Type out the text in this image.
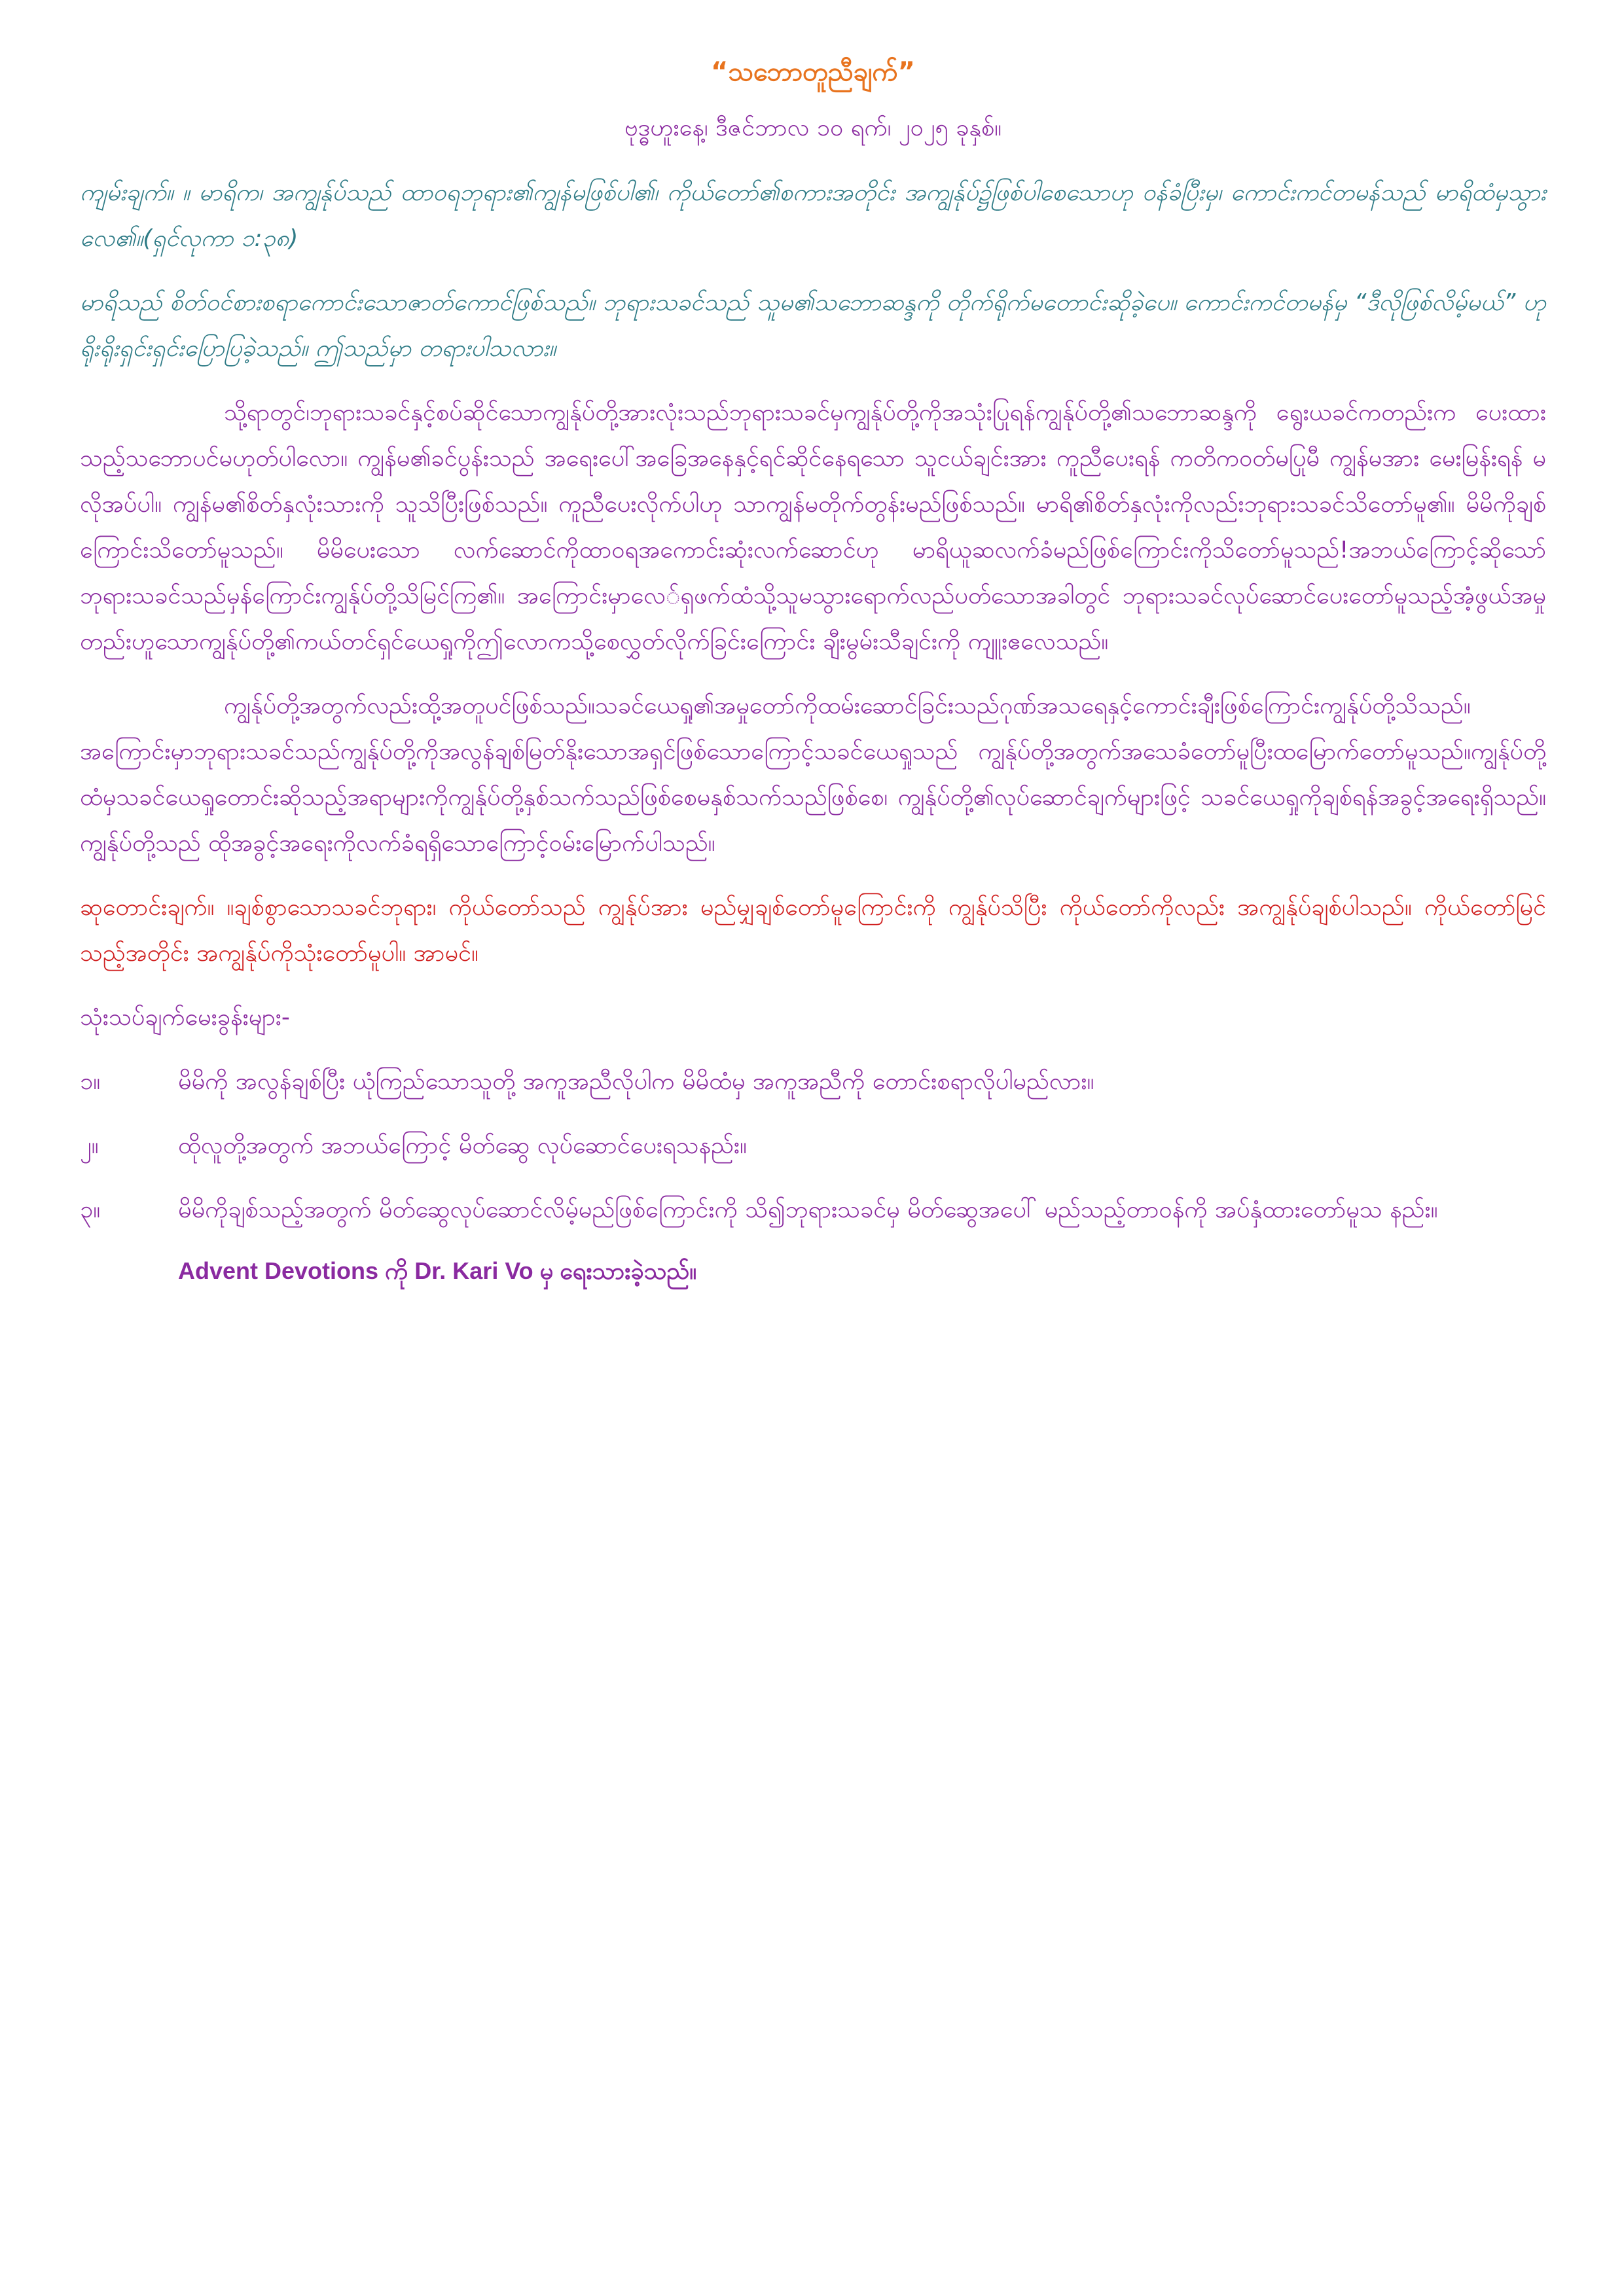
“သဘောတူညီချက်”
ဗုဒ္ဓဟူးနေ့၊ ဒီဇင်ဘာလ ၁၀ ရက်၊ ၂၀၂၅ ခုနှစ်။
ကျမ်းချက်။ ။ မာရိက၊ အကျွန်ုပ်သည် ထာဝရဘုရား၏ကျွန်မဖြစ်ပါ၏၊ ကိုယ်တော်၏စကားအတိုင်း အကျွန်ုပ်၌ဖြစ်ပါစေသောဟု ဝန်ခံပြီးမှ၊ ကောင်းကင်တမန်သည် မာရိထံမှသွားလေ၏။(ရှင်လုကာ ၁:၃၈)
မာရိသည် စိတ်ဝင်စားစရာကောင်းသောဇာတ်ကောင်ဖြစ်သည်။ ဘုရားသခင်သည် သူမ၏သဘောဆန္ဒကို တိုက်ရိုက်မတောင်းဆိုခဲ့ပေ။ ကောင်းကင်တမန်မှ “ဒီလိုဖြစ်လိမ့်မယ်” ဟု ရိုးရိုးရှင်းရှင်းပြောပြခဲ့သည်။ ဤသည်မှာ တရားပါသလား။
သို့ရာတွင်၊ဘုရားသခင်နှင့်စပ်ဆိုင်သောကျွန်ုပ်တို့အားလုံးသည်ဘုရားသခင်မှကျွန်ုပ်တို့ကိုအသုံးပြုရန်ကျွန်ုပ်တို့၏သဘောဆန္ဒကို ရွေးယခင်ကတည်းက ပေးထားသည့်သဘောပင်မဟုတ်ပါလော။ ကျွန်မ၏ခင်ပွန်းသည် အရေးပေါ်အခြေအနေနှင့်ရင်ဆိုင်နေရသော သူငယ်ချင်းအား ကူညီပေးရန် ကတိကဝတ်မပြုမီ ကျွန်မအား မေးမြန်းရန် မလိုအပ်ပါ။ ကျွန်မ၏စိတ်နှလုံးသားကို သူသိပြီးဖြစ်သည်။ ကူညီပေးလိုက်ပါဟု သာကျွန်မတိုက်တွန်းမည်ဖြစ်သည်။ မာရိ၏စိတ်နှလုံးကိုလည်းဘုရားသခင်သိတော်မူ၏။ မိမိကိုချစ်ကြောင်းသိတော်မူသည်။ မိမိပေးသော လက်ဆောင်ကိုထာဝရအကောင်းဆုံးလက်ဆောင်ဟု မာရိယူဆလက်ခံမည်ဖြစ်ကြောင်းကိုသိတော်မူသည်!အဘယ်ကြောင့်ဆိုသော် ဘုရားသခင်သည်မှန်ကြောင်းကျွန်ုပ်တို့သိမြင်ကြ၏။ အကြောင်းမှာလေ်ရှဖက်ထံသို့သူမသွားရောက်လည်ပတ်သောအခါတွင် ဘုရားသခင်လုပ်ဆောင်ပေးတော်မူသည့်အံ့ဖွယ်အမှုတည်းဟူသောကျွန်ုပ်တို့၏ကယ်တင်ရှင်ယေရှုကိုဤလောကသို့စေလွှတ်လိုက်ခြင်းကြောင်း ချီးမွမ်းသီချင်းကို ကျူးဧလေသည်။
ကျွန်ုပ်တို့အတွက်လည်းထို့အတူပင်ဖြစ်သည်။သခင်ယေရှု၏အမှုတော်ကိုထမ်းဆောင်ခြင်းသည်ဂုဏ်အသရေနှင့်ကောင်းချီးဖြစ်ကြောင်းကျွန်ုပ်တို့သိသည်။အကြောင်းမှာဘုရားသခင်သည်ကျွန်ုပ်တို့ကိုအလွန်ချစ်မြတ်နိုးသောအရှင်ဖြစ်သောကြောင့်သခင်ယေရှုသည် ကျွန်ုပ်တို့အတွက်အသေခံတော်မူပြီးထမြောက်တော်မူသည်။ကျွန်ုပ်တို့ထံမှသခင်ယေရှုတောင်းဆိုသည့်အရာများကိုကျွန်ုပ်တို့နှစ်သက်သည်ဖြစ်စေမနှစ်သက်သည်ဖြစ်စေ၊ ကျွန်ုပ်တို့၏လုပ်ဆောင်ချက်များဖြင့် သခင်ယေရှုကိုချစ်ရန်အခွင့်အရေးရှိသည်။ ကျွန်ုပ်တို့သည် ထိုအခွင့်အရေးကိုလက်ခံရရှိသောကြောင့်ဝမ်းမြောက်ပါသည်။
ဆုတောင်းချက်။ ။ချစ်စွာသောသခင်ဘုရား၊ ကိုယ်တော်သည် ကျွန်ုပ်အား မည်မျှချစ်တော်မူကြောင်းကို ကျွန်ုပ်သိပြီး ကိုယ်တော်ကိုလည်း အကျွန်ုပ်ချစ်ပါသည်။ ကိုယ်တော်မြင်သည့်အတိုင်း အကျွန်ုပ်ကိုသုံးတော်မူပါ။ အာမင်။
သုံးသပ်ချက်မေးခွန်းများ-
၁။	မိမိကို အလွန်ချစ်ပြီး ယုံကြည်သောသူတို့ အကူအညီလိုပါက မိမိထံမှ အကူအညီကို တောင်းစရာလိုပါမည်လား။
၂။	ထိုလူတို့အတွက် အဘယ်ကြောင့် မိတ်ဆွေ လုပ်ဆောင်ပေးရသနည်း။
၃။	မိမိကိုချစ်သည့်အတွက် မိတ်ဆွေလုပ်ဆောင်လိမ့်မည်ဖြစ်ကြောင်းကို သိ၍ဘုရားသခင်မှ မိတ်ဆွေအပေါ် မည်သည့်တာဝန်ကို အပ်နှံထားတော်မူသ နည်း။
Advent Devotions ကို Dr. Kari Vo မှ ရေးသားခဲ့သည်။
